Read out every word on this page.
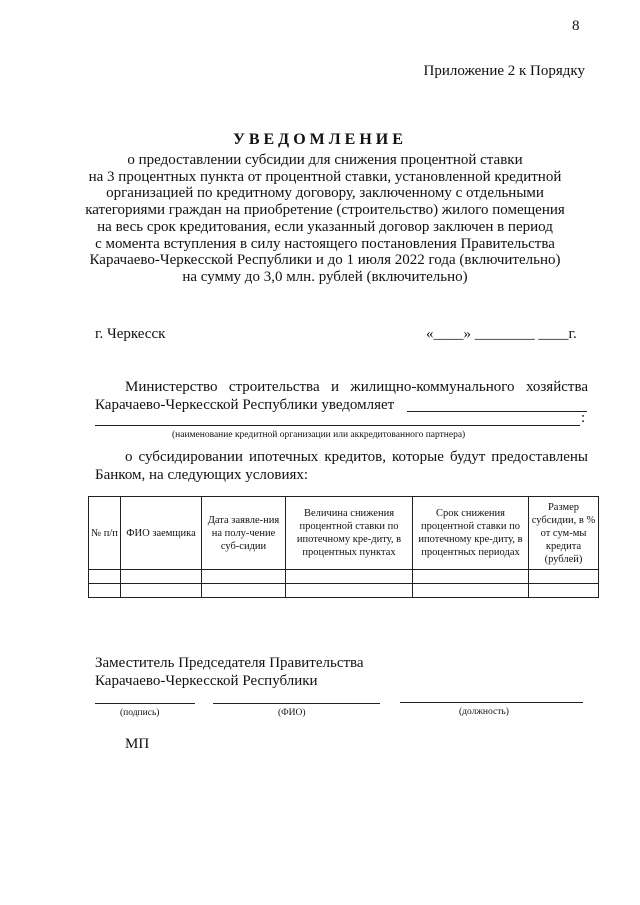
8
Приложение 2 к Порядку
УВЕДОМЛЕНИЕ
о предоставлении субсидии для снижения процентной ставки
на 3 процентных пункта от процентной ставки, установленной кредитной
организацией по кредитному договору, заключенному с отдельными
категориями граждан на приобретение (строительство) жилого помещения
на весь срок кредитования, если указанный договор заключен в период
с момента вступления в силу настоящего постановления Правительства
Карачаево-Черкесской Республики и до 1 июля 2022 года (включительно)
на сумму до 3,0 млн. рублей (включительно)
г. Черкесск	«____» ________ ____г.
Министерство строительства и жилищно-коммунального хозяйства
Карачаево-Черкесской Республики уведомляет
:
(наименование кредитной организации или аккредитованного партнера)
о субсидировании ипотечных кредитов, которые будут предоставлены
Банком, на следующих условиях:
№ п/п	ФИО заемщика	Дата заявле-ния на полу-чение суб-сидии	Величина снижения процентной ставки по ипотечному кре-диту, в процентных пунктах	Срок снижения процентной ставки по ипотечному кре-диту, в процентных периодах	Размер субсидии, в % от сум-мы кредита (рублей)

Заместитель Председателя Правительства
Карачаево-Черкесской Республики
(подпись)	(ФИО)	(должность)
МП
